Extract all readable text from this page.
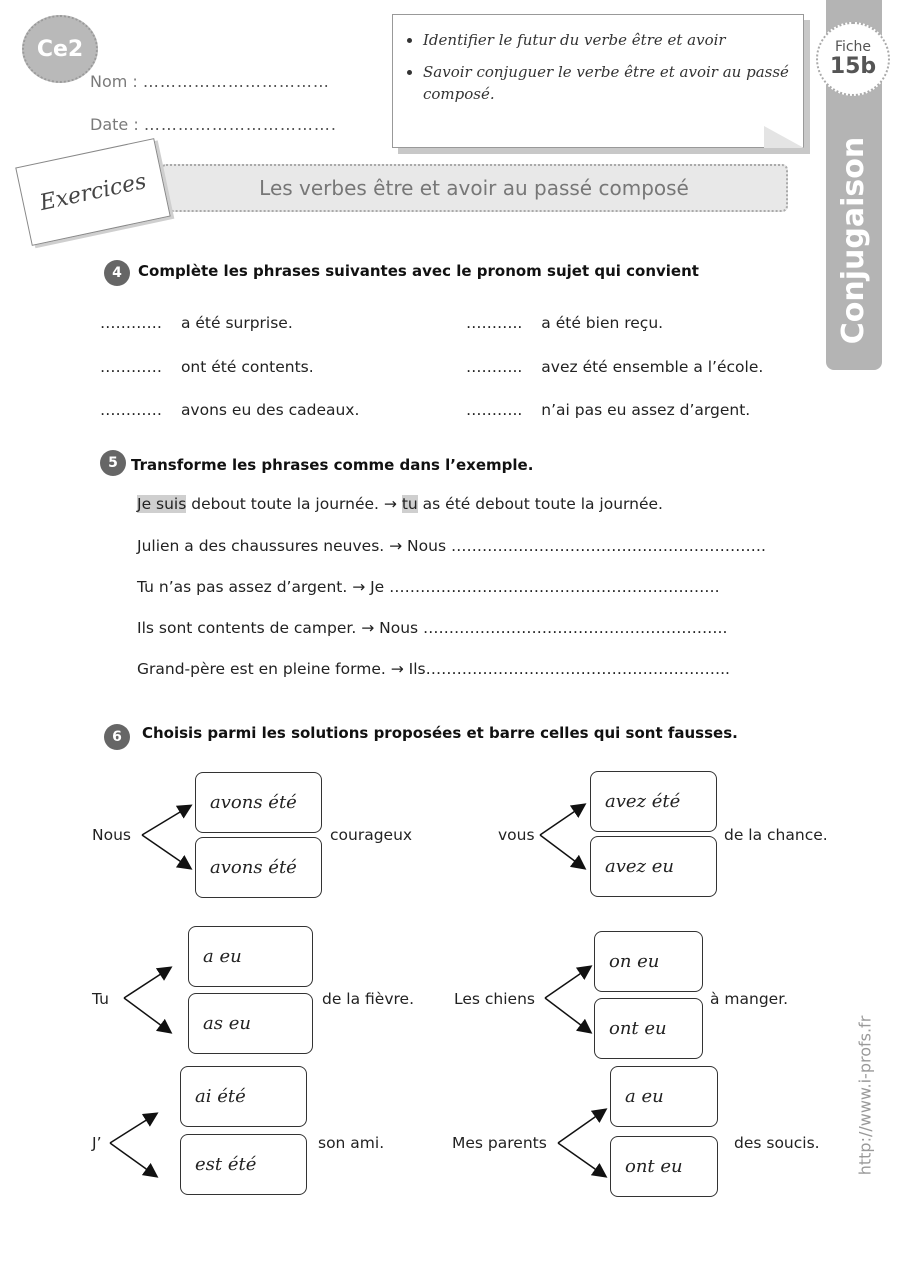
Ce2
Nom : ……………………………
Date : …………………………….
• Identifier le futur du verbe être et avoir
• Savoir conjuguer le verbe être et avoir au passé composé.
Conjugaison
Fiche
15b
Les verbes être et avoir au passé composé
Exercices
4	Complète les phrases suivantes avec le pronom sujet qui convient
………… a été surprise.
………… ont été contents.
………… avons eu des cadeaux.
……….. a été bien reçu.
……….. avez été ensemble a l’école.
……….. n’ai pas eu assez d’argent.
5 Transforme les phrases comme dans l’exemple.
Je suis debout toute la journée. → tu as été debout toute la journée.
Julien a des chaussures neuves. → Nous …………………………………………………….
Tu n’as pas assez d’argent. → Je ……………………………………………………….
Ils sont contents de camper. → Nous …………………………………………………..
Grand-père est en pleine forme. → Ils…………………………………………………..
6	Choisis parmi les solutions proposées et barre celles qui sont fausses.
Nous
avons été
avons été
courageux	vous
avez été
avez eu
de la chance.
Tu
a eu
as eu
de la fièvre.	Les chiens
on eu
ont eu
à manger.
J’
ai été
est été
son ami.	Mes parents
a eu
ont eu
des soucis. http://www.i-profs.fr
